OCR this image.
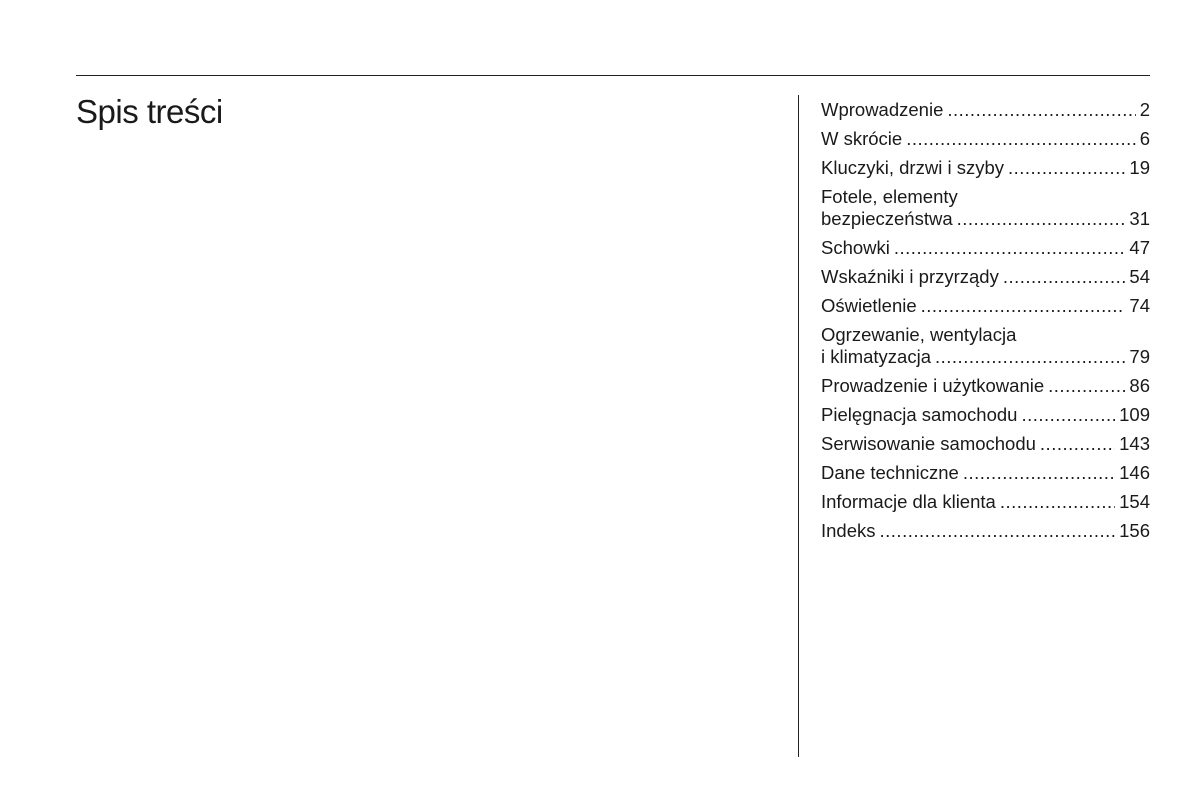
Spis treści	Wprowadzenie .....	2
W skrócie .....	6
Kluczyki, drzwi i szyby .....	19
Fotele, elementy
bezpieczeństwa .....	31
Schowki .....	47
Wskaźniki i przyrządy .....	54
Oświetlenie .....	74
Ogrzewanie, wentylacja
i klimatyzacja .....	79
Prowadzenie i użytkowanie .....	86
Pielęgnacja samochodu .....	109
Serwisowanie samochodu .....	143
Dane techniczne .....	146
Informacje dla klienta .....	154
Indeks .....	156
